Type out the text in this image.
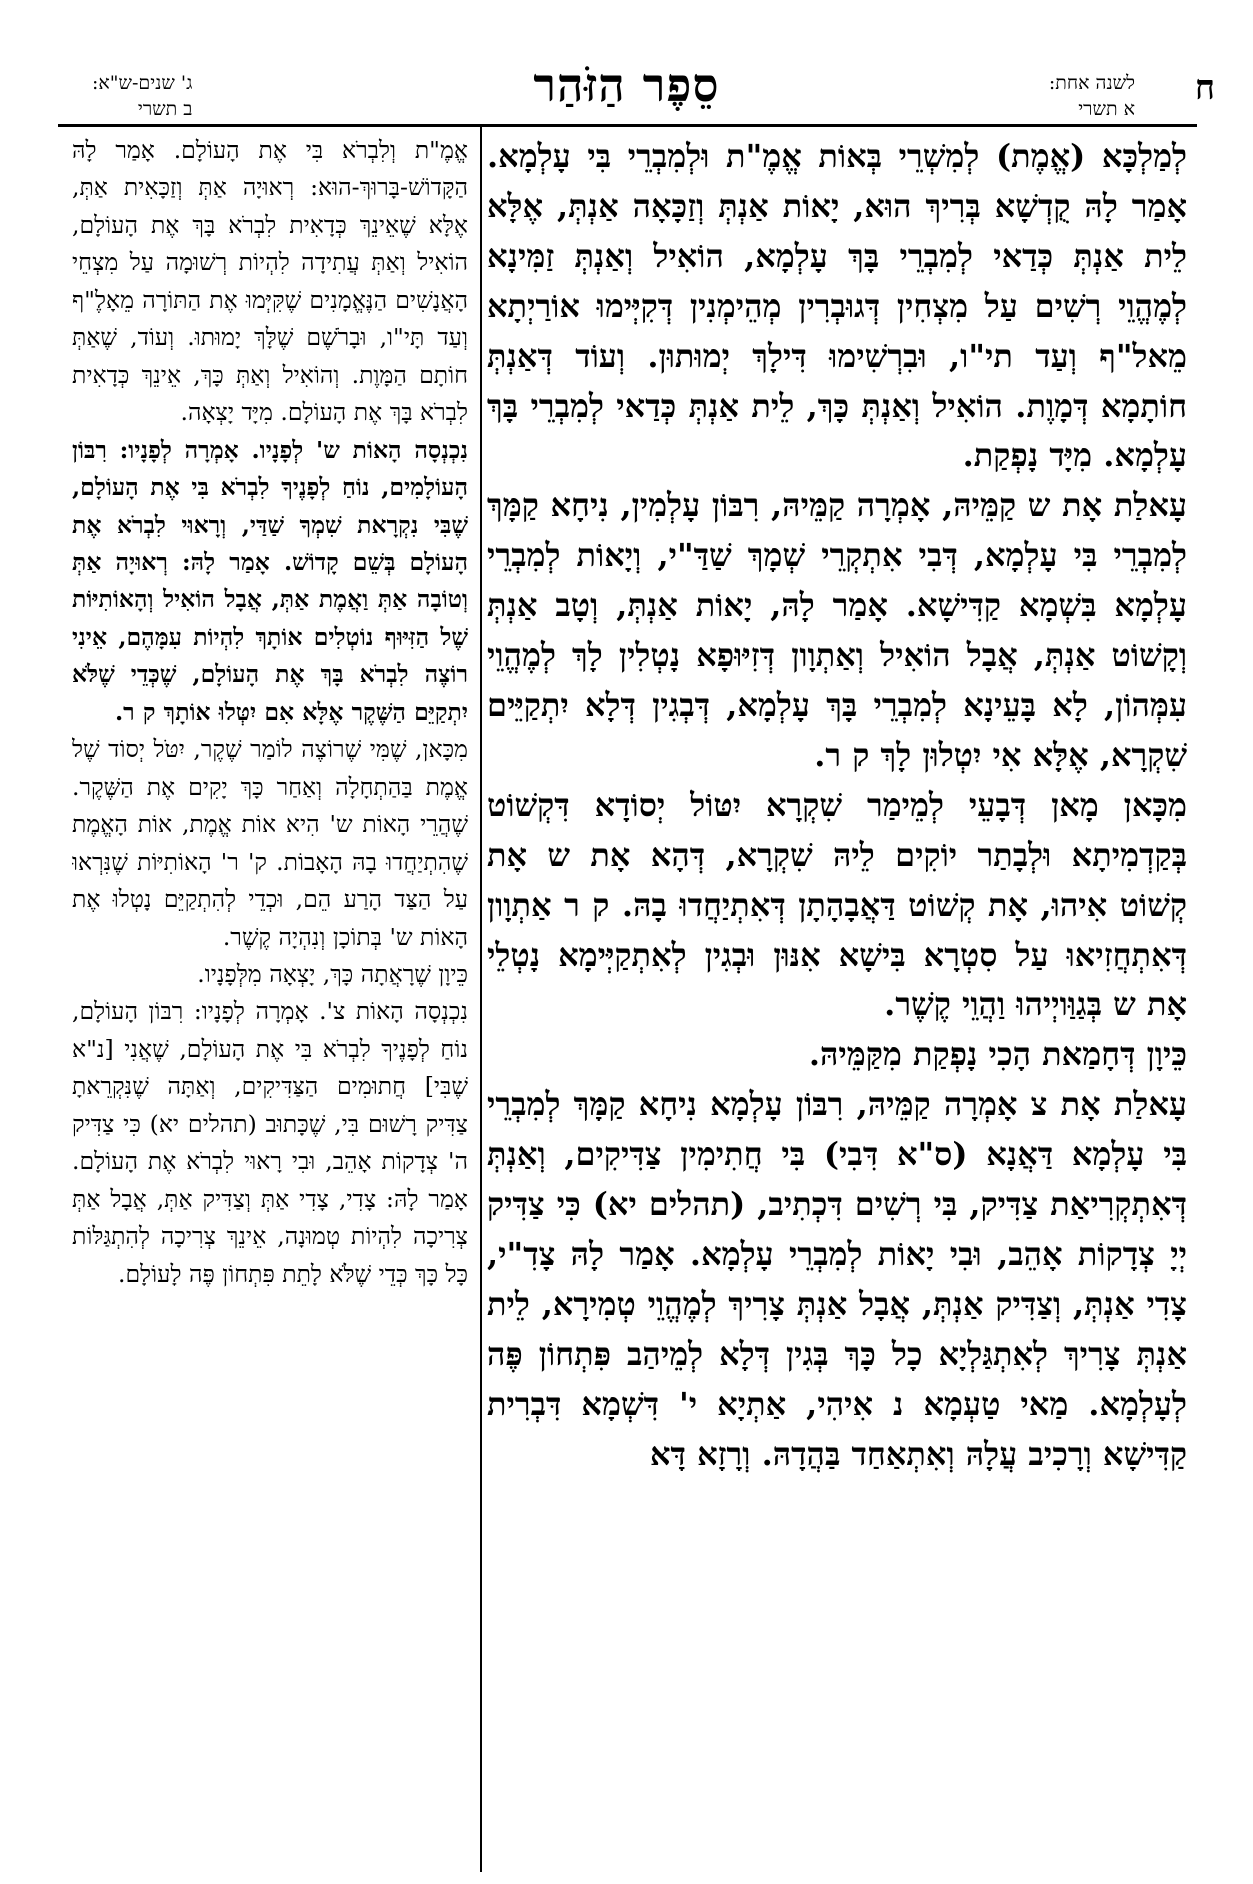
ח
לשנה אחת:
א תשרי
סֵפֶר הַזֹּהַר
ג' שנים-ש"א:
ב תשרי

לְמַלְכָּא (אֱמֶת) לְמִשְׁרֵי בְּאוֹת אֱמֶ"ת וּלְמִבְרֵי בִּי עָלְמָא. אָמַר לָהּ קֻדְשָׁא בְּרִיךְ הוּא, יָאוֹת אַנְתְּ וְזַכָּאָה אַנְתְּ, אֶלָּא לֵית אַנְתְּ כְּדַאי לְמִבְרֵי בָּךְ עָלְמָא, הוֹאִיל וְאַנְתְּ זַמִּינָא לְמֶהֱוֵי רְשִׁים עַל מִצְחִין דְּגוּבְרִין מְהֵימְנִין דְּקִיְּימוּ אוֹרַיְתָא מֵאל"ף וְעַד תי"ו, וּבִרְשִׁימוּ דִּילָךְ יְמוּתוּן. וְעוֹד דְּאַנְתְּ חוֹתָמָא דְּמָוֶת. הוֹאִיל וְאַנְתְּ כָּךְ, לֵית אַנְתְּ כְּדַאי לְמִבְרֵי בָּךְ עָלְמָא. מִיָּד נָפְקַת.

עָאלַת אָת ש קַמֵּיהּ, אָמְרָה קַמֵּיהּ, רִבּוֹן עָלְמִין, נִיחָא קַמָּךְ לְמִבְרֵי בִּי עָלְמָא, דְּבִי אִתְקְרֵי שְׁמָךְ שַׁדַּ"י, וְיָאוֹת לְמִבְרֵי עָלְמָא בִּשְׁמָא קַדִּישָׁא. אָמַר לָהּ, יָאוֹת אַנְתְּ, וְטָב אַנְתְּ וְקָשׁוֹט אַנְתְּ, אֲבָל הוֹאִיל וְאַתְוָון דְּזִיּוּפָא נָטְלִין לָךְ לְמֶהֱוֵי עִמְּהוֹן, לָא בָּעֵינָא לְמִבְרֵי בָּךְ עָלְמָא, דְּבְגִין דְּלָא יִתְקַיֵּים שִׁקְרָא, אֶלָּא אִי יִטְלוּן לָךְ ק ר.

מִכָּאן מָאן דְּבָעֵי לְמֵימַר שִׁקְרָא יִטּוֹל יְסוֹדָא דִּקְשׁוֹט בְּקַדְמִיתָא וּלְבָתַר יוֹקִים לֵיהּ שִׁקְרָא, דְּהָא אָת ש אָת קְשׁוֹט אִיהוּ, אָת קְשׁוֹט דַּאֲבָהָתָן דְּאִתְיַחֲדוּ בָהּ. ק ר אַתְוָון דְּאִתְחֲזִיאוּ עַל סִטְרָא בִּישָׁא אִנּוּן וּבְגִין לְאִתְקַיְּימָא נָטְלֵי אָת ש בְּגַוַּויְיהוּ וַהֲוֵי קֶשֶׁר.

כֵּיוָן דְּחָמַאת הָכִי נָפְקַת מִקַּמֵּיהּ.

עָאלַת אָת צ אָמְרָה קַמֵּיהּ, רִבּוֹן עָלְמָא נִיחָא קַמָּךְ לְמִבְרֵי בִּי עָלְמָא דַּאֲנָא (ס"א דִּבִי) בִּי חֲתִימִין צַדִּיקִים, וְאַנְתְּ דְּאִתְקְרִיאַת צַדִּיק, בִּי רְשִׁים דִּכְתִיב, (תהלים יא) כִּי צַדִּיק יְיָ צְדָקוֹת אָהֵב, וּבִי יָאוֹת לְמִבְרֵי עָלְמָא. אָמַר לָהּ צָדִ"י, צָדִי אַנְתְּ, וְצַדִּיק אַנְתְּ, אֲבָל אַנְתְּ צָרִיךְ לְמֶהֱוֵי טְמִירָא, לֵית אַנְתְּ צָרִיךְ לְאִתְגַּלְיָא כָל כָּךְ בְּגִין דְּלָא לְמֵיהַב פִּתְחוֹן פֶּה לְעָלְמָא. מַאי טַעְמָא נ אִיהִי, אַתְיָא י' דִּשְׁמָא דִּבְרִית קַדִּישָׁא וְרָכִיב עֲלָהּ וְאִתְאַחַד בַּהֲדָהּ. וְרָזָא דָּא

אֱמֶ"ת וְלִבְרֹא בִּי אֶת הָעוֹלָם. אָמַר לָהּ הַקָּדוֹשׁ-בָּרוּךְ-הוּא: רְאוּיָה אַתְּ וְזַכָּאִית אַתְּ, אֶלָּא שֶׁאֵינֵךְ כְּדָאִית לִבְרֹא בָּךְ אֶת הָעוֹלָם, הוֹאִיל וְאַתְּ עֲתִידָה לִהְיוֹת רְשׁוּמָה עַל מִצְחֵי הָאֲנָשִׁים הַנֶּאֱמָנִים שֶׁקִּיְּמוּ אֶת הַתּוֹרָה מֵאָלֶ"ף וְעַד תָּי"ו, וּבָרֹשֶׁם שֶׁלָּךְ יָמוּתוּ. וְעוֹד, שֶׁאַתְּ חוֹתָם הַמָּוֶת. וְהוֹאִיל וְאַתְּ כָּךְ, אֵינֵךְ כְּדָאִית לִבְרֹא בָּךְ אֶת הָעוֹלָם. מִיָּד יָצְאָה.

נִכְנְסָה הָאוֹת ש' לְפָנָיו. אָמְרָה לְפָנָיו: רִבּוֹן הָעוֹלָמִים, נוֹחַ לְפָנֶיךָ לִבְרֹא בִּי אֶת הָעוֹלָם, שֶׁבִּי נִקְרָאת שִׁמְךָ שַׁדַּי, וְרָאוּי לִבְרֹא אֶת הָעוֹלָם בְּשֵׁם קָדוֹשׁ. אָמַר לָהּ: רְאוּיָה אַתְּ וְטוֹבָה אַתְּ וַאֲמֶת אַתְּ, אֲבָל הוֹאִיל וְהָאוֹתִיּוֹת שֶׁל הַזִּיּוּף נוֹטְלִים אוֹתָךְ לִהְיוֹת עִמָּהֶם, אֵינִי רוֹצֶה לִבְרֹא בָּךְ אֶת הָעוֹלָם, שֶׁכְּדֵי שֶׁלֹּא יִתְקַיֵּם הַשֶּׁקֶר אֶלָּא אִם יִטְּלוּ אוֹתָךְ ק ר.

מִכָּאן, שֶׁמִּי שֶׁרוֹצֶה לוֹמַר שֶׁקֶר, יִטֹּל יְסוֹד שֶׁל אֱמֶת בַּהַתְחָלָה וְאַחַר כָּךְ יָקִים אֶת הַשֶּׁקֶר. שֶׁהֲרֵי הָאוֹת ש' הִיא אוֹת אֱמֶת, אוֹת הָאֱמֶת שֶׁהִתְיַחֲדוּ בָהּ הָאָבוֹת. ק' ר' הָאוֹתִיּוֹת שֶׁנִּרְאוּ עַל הַצַּד הָרַע הֵם, וּכְדֵי לְהִתְקַיֵּם נָטְלוּ אֶת הָאוֹת ש' בְּתוֹכָן וְנִהְיָה קֶשֶׁר.

כֵּיוָן שֶׁרָאֲתָה כָּךְ, יָצְאָה מִלְּפָנָיו.

נִכְנְסָה הָאוֹת צ'. אָמְרָה לְפָנָיו: רִבּוֹן הָעוֹלָם, נוֹחַ לְפָנֶיךָ לִבְרֹא בִּי אֶת הָעוֹלָם, שֶׁאֲנִי [נ"א שֶׁבִּי] חֲתוּמִים הַצַּדִּיקִים, וְאַתָּה שֶׁנִּקְרֵאתָ צַדִּיק רָשׁוּם בִּי, שֶׁכָּתוּב (תהלים יא) כִּי צַדִּיק ה' צְדָקוֹת אָהֵב, וּבִי רָאוּי לִבְרֹא אֶת הָעוֹלָם. אָמַר לָהּ: צָדִי, צָדִי אַתְּ וְצַדִּיק אַתְּ, אֲבָל אַתְּ צְרִיכָה לִהְיוֹת טְמוּנָה, אֵינֵךְ צְרִיכָה לְהִתְגַּלּוֹת כָּל כָּךְ כְּדֵי שֶׁלֹּא לָתֵת פִּתְחוֹן פֶּה לָעוֹלָם.
